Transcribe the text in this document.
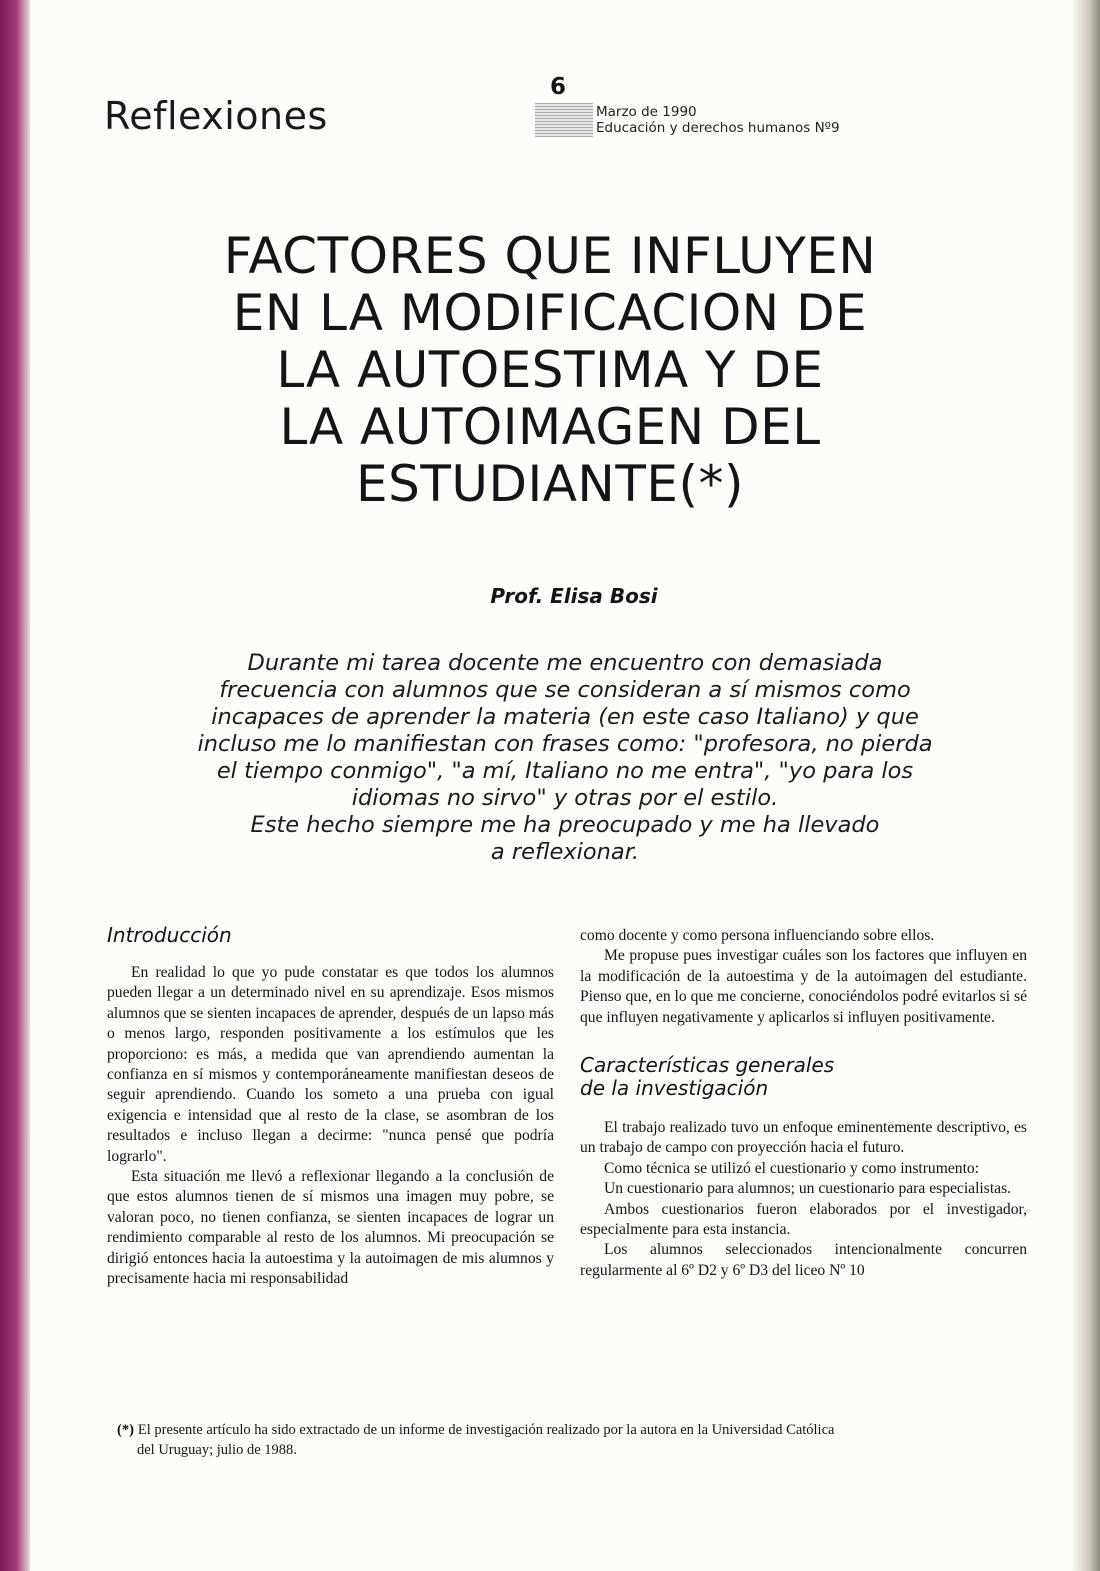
Reflexiones
6
Marzo de 1990
Educación y derechos humanos Nº9
FACTORES QUE INFLUYEN
EN LA MODIFICACION DE
LA AUTOESTIMA Y DE
LA AUTOIMAGEN DEL
ESTUDIANTE(*)
Prof. Elisa Bosi

Durante mi tarea docente me encuentro con demasiada
frecuencia con alumnos que se consideran a sí mismos como
incapaces de aprender la materia (en este caso Italiano) y que
incluso me lo manifiestan con frases como: "profesora, no pierda
el tiempo conmigo", "a mí, Italiano no me entra", "yo para los
idiomas no sirvo" y otras por el estilo.
Este hecho siempre me ha preocupado y me ha llevado
a reflexionar.

Introducción

En realidad lo que yo pude constatar es que todos los alumnos pueden llegar a un determinado nivel en su aprendizaje. Esos mismos alumnos que se sienten incapaces de aprender, después de un lapso más o menos largo, responden positivamente a los estímulos que les proporciono: es más, a medida que van aprendiendo aumentan la confianza en sí mismos y contemporáneamente manifiestan deseos de seguir aprendiendo. Cuando los someto a una prueba con igual exigencia e intensidad que al resto de la clase, se asombran de los resultados e incluso llegan a decirme: "nunca pensé que podría lograrlo".

Esta situación me llevó a reflexionar llegando a la conclusión de que estos alumnos tienen de sí mismos una imagen muy pobre, se valoran poco, no tienen confianza, se sienten incapaces de lograr un rendimiento comparable al resto de los alumnos. Mi preocupación se dirigió entonces hacia la autoestima y la autoimagen de mis alumnos y precisamente hacia mi responsabilidad

como docente y como persona influenciando sobre ellos.

Me propuse pues investigar cuáles son los factores que influyen en la modificación de la autoestima y de la autoimagen del estudiante. Pienso que, en lo que me concierne, conociéndolos podré evitarlos si sé que influyen negativamente y aplicarlos si influyen positivamente.

Características generales
de la investigación

El trabajo realizado tuvo un enfoque eminentemente descriptivo, es un trabajo de campo con proyección hacia el futuro.

Como técnica se utilizó el cuestionario y como instrumento:

Un cuestionario para alumnos; un cuestionario para especialistas.

Ambos cuestionarios fueron elaborados por el investigador, especialmente para esta instancia.

Los alumnos seleccionados intencionalmente concurren regularmente al 6º D2 y 6º D3 del liceo Nº 10

(*) El presente artículo ha sido extractado de un informe de investigación realizado por la autora en la Universidad Católica
del Uruguay; julio de 1988.
